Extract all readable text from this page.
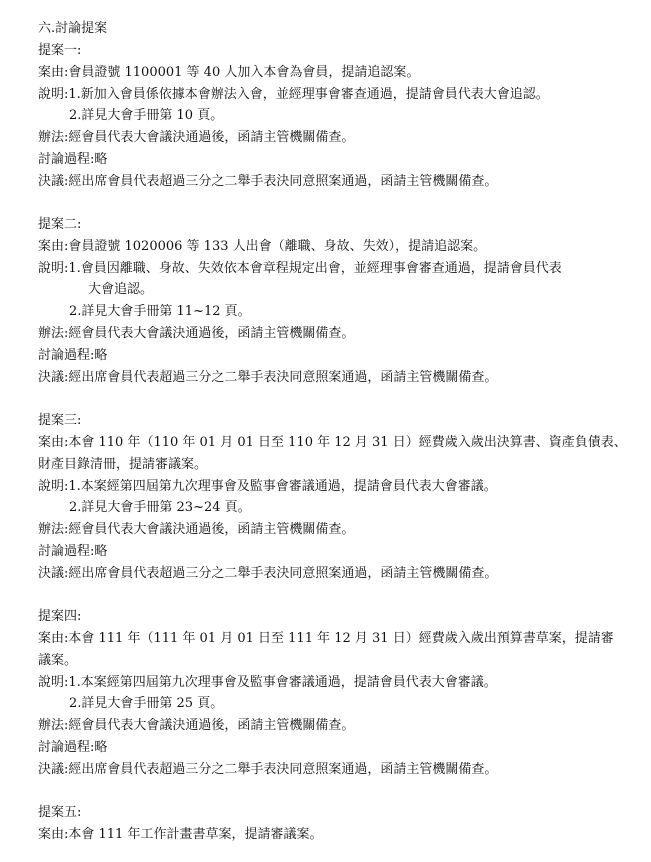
六.討論提案
提案一:
案由:會員證號 1100001 等 40 人加入本會為會員，提請追認案。
說明:1.新加入會員係依據本會辦法入會，並經理事會審查通過，提請會員代表大會追認。
2.詳見大會手冊第 10 頁。
辦法:經會員代表大會議決通過後，函請主管機關備查。
討論過程:略
決議:經出席會員代表超過三分之二舉手表決同意照案通過，函請主管機關備查。
提案二:
案由:會員證號 1020006 等 133 人出會（離職、身故、失效），提請追認案。
說明:1.會員因離職、身故、失效依本會章程規定出會，並經理事會審查通過，提請會員代表
大會追認。
2.詳見大會手冊第 11~12 頁。
辦法:經會員代表大會議決通過後，函請主管機關備查。
討論過程:略
決議:經出席會員代表超過三分之二舉手表決同意照案通過，函請主管機關備查。
提案三:
案由:本會 110 年（110 年 01 月 01 日至 110 年 12 月 31 日）經費歲入歲出決算書、資產負債表、
財產目錄清冊，提請審議案。
說明:1.本案經第四屆第九次理事會及監事會審議通過，提請會員代表大會審議。
2.詳見大會手冊第 23~24 頁。
辦法:經會員代表大會議決通過後，函請主管機關備查。
討論過程:略
決議:經出席會員代表超過三分之二舉手表決同意照案通過，函請主管機關備查。
提案四:
案由:本會 111 年（111 年 01 月 01 日至 111 年 12 月 31 日）經費歲入歲出預算書草案，提請審
議案。
說明:1.本案經第四屆第九次理事會及監事會審議通過，提請會員代表大會審議。
2.詳見大會手冊第 25 頁。
辦法:經會員代表大會議決通過後，函請主管機關備查。
討論過程:略
決議:經出席會員代表超過三分之二舉手表決同意照案通過，函請主管機關備查。
提案五:
案由:本會 111 年工作計畫書草案，提請審議案。
